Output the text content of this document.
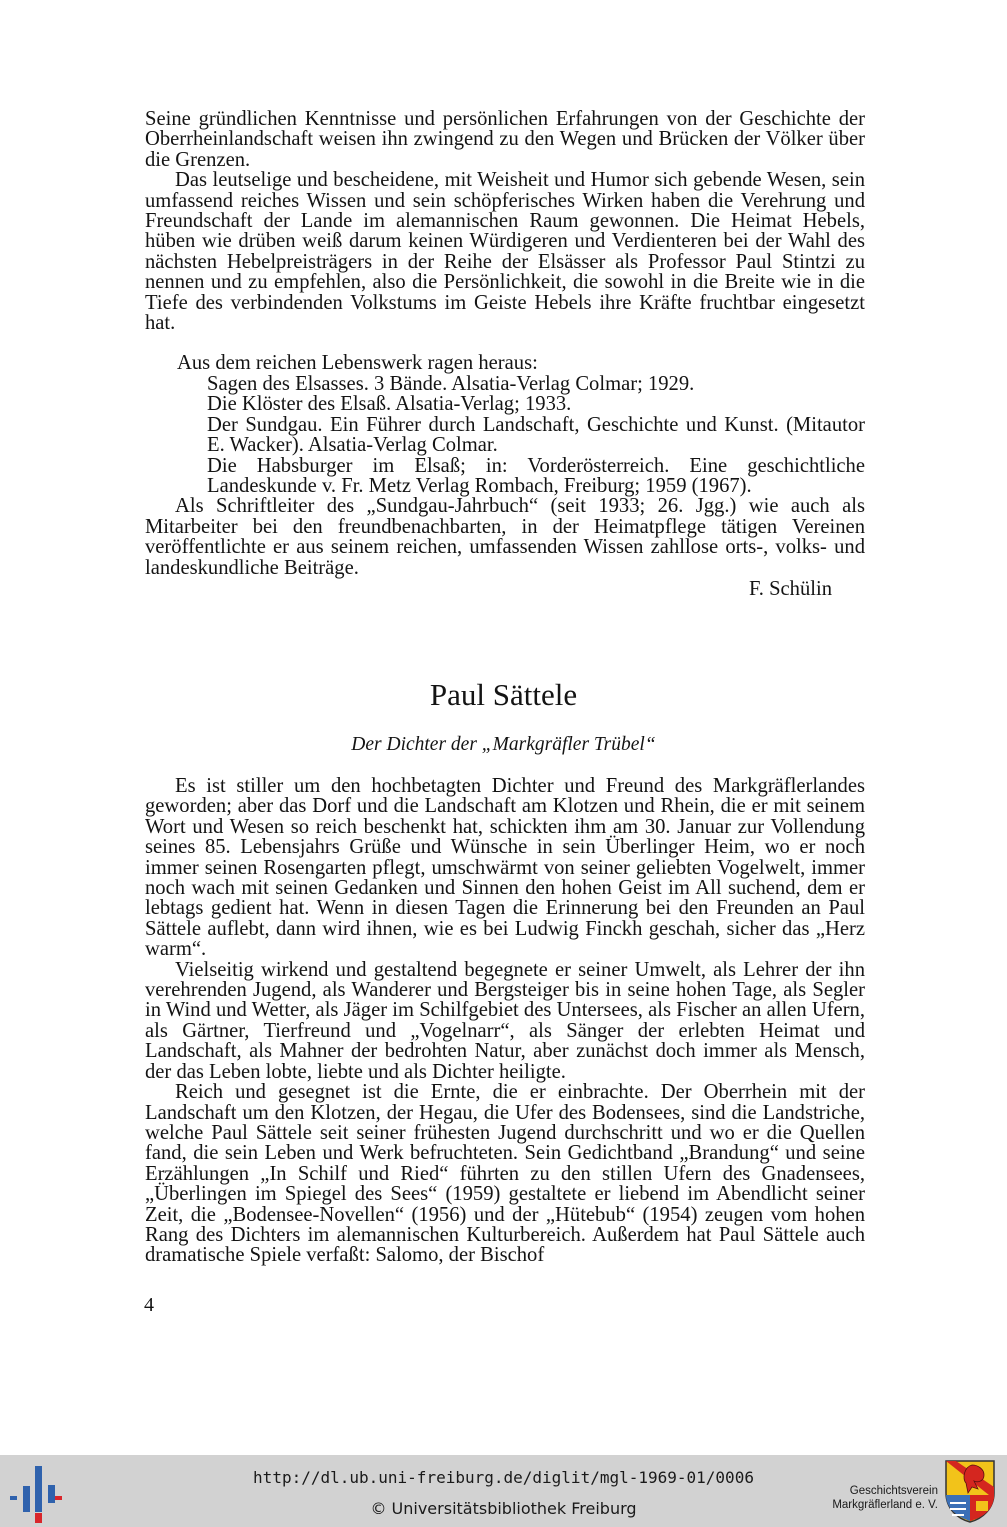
Seine gründlichen Kenntnisse und persönlichen Erfahrungen von der Geschichte der Oberrheinlandschaft weisen ihn zwingend zu den Wegen und Brücken der Völker über die Grenzen.

Das leutselige und bescheidene, mit Weisheit und Humor sich gebende Wesen, sein umfassend reiches Wissen und sein schöpferisches Wirken haben die Verehrung und Freundschaft der Lande im alemannischen Raum gewonnen. Die Heimat Hebels, hüben wie drüben weiß darum keinen Würdigeren und Verdienteren bei der Wahl des nächsten Hebelpreisträgers in der Reihe der Elsässer als Professor Paul Stintzi zu nennen und zu empfehlen, also die Persönlichkeit, die sowohl in die Breite wie in die Tiefe des verbindenden Volkstums im Geiste Hebels ihre Kräfte fruchtbar eingesetzt hat.

Aus dem reichen Lebenswerk ragen heraus:

Sagen des Elsasses. 3 Bände. Alsatia-Verlag Colmar; 1929.
Die Klöster des Elsaß. Alsatia-Verlag; 1933.
Der Sundgau. Ein Führer durch Landschaft, Geschichte und Kunst. (Mitautor E. Wacker). Alsatia-Verlag Colmar.
Die Habsburger im Elsaß; in: Vorderösterreich. Eine geschichtliche Landeskunde v. Fr. Metz Verlag Rombach, Freiburg; 1959 (1967).

Als Schriftleiter des „Sundgau-Jahrbuch“ (seit 1933; 26. Jgg.) wie auch als Mitarbeiter bei den freundbenachbarten, in der Heimatpflege tätigen Vereinen veröffentlichte er aus seinem reichen, umfassenden Wissen zahllose orts-, volks- und landeskundliche Beiträge.

F. Schülin

Paul Sättele

Der Dichter der „Markgräfler Trübel“

Es ist stiller um den hochbetagten Dichter und Freund des Markgräflerlandes geworden; aber das Dorf und die Landschaft am Klotzen und Rhein, die er mit seinem Wort und Wesen so reich beschenkt hat, schickten ihm am 30. Januar zur Vollendung seines 85. Lebensjahrs Grüße und Wünsche in sein Überlinger Heim, wo er noch immer seinen Rosengarten pflegt, umschwärmt von seiner geliebten Vogelwelt, immer noch wach mit seinen Gedanken und Sinnen den hohen Geist im All suchend, dem er lebtags gedient hat. Wenn in diesen Tagen die Erinnerung bei den Freunden an Paul Sättele auflebt, dann wird ihnen, wie es bei Ludwig Finckh geschah, sicher das „Herz warm“.

Vielseitig wirkend und gestaltend begegnete er seiner Umwelt, als Lehrer der ihn verehrenden Jugend, als Wanderer und Bergsteiger bis in seine hohen Tage, als Segler in Wind und Wetter, als Jäger im Schilfgebiet des Untersees, als Fischer an allen Ufern, als Gärtner, Tierfreund und „Vogelnarr“, als Sänger der erlebten Heimat und Landschaft, als Mahner der bedrohten Natur, aber zunächst doch immer als Mensch, der das Leben lobte, liebte und als Dichter heiligte.

Reich und gesegnet ist die Ernte, die er einbrachte. Der Oberrhein mit der Landschaft um den Klotzen, der Hegau, die Ufer des Bodensees, sind die Landstriche, welche Paul Sättele seit seiner frühesten Jugend durchschritt und wo er die Quellen fand, die sein Leben und Werk befruchteten. Sein Gedichtband „Brandung“ und seine Erzählungen „In Schilf und Ried“ führten zu den stillen Ufern des Gnadensees, „Überlingen im Spiegel des Sees“ (1959) gestaltete er liebend im Abendlicht seiner Zeit, die „Bodensee-Novellen“ (1956) und der „Hütebub“ (1954) zeugen vom hohen Rang des Dichters im alemannischen Kulturbereich. Außerdem hat Paul Sättele auch dramatische Spiele verfaßt: Salomo, der Bischof

4
http://dl.ub.uni-freiburg.de/diglit/mgl-1969-01/0006
© Universitätsbibliothek Freiburg
Geschichtsverein
Markgräflerland e. V.
